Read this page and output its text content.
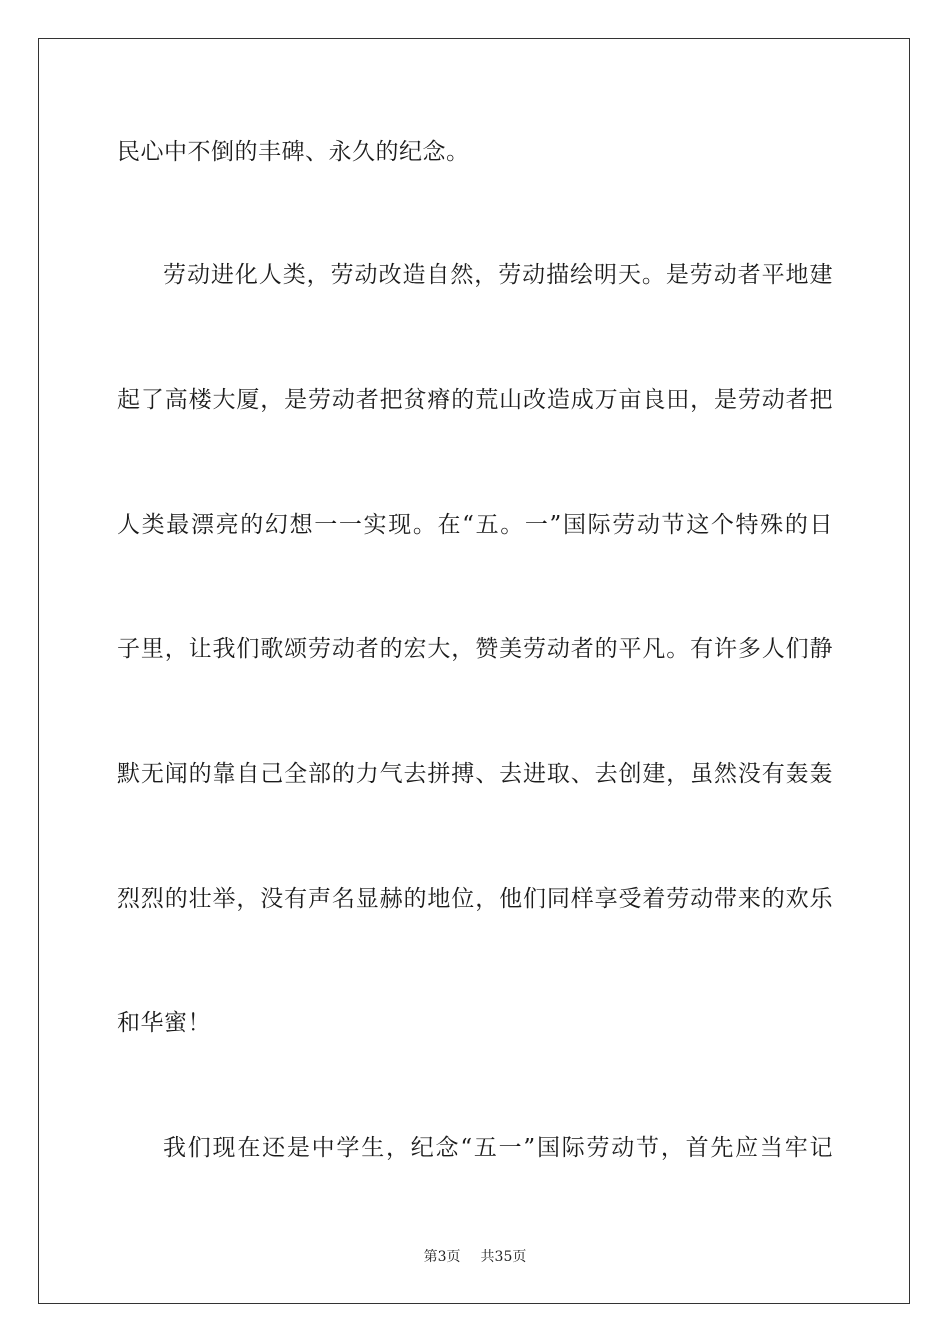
民心中不倒的丰碑、永久的纪念。
劳动进化人类，劳动改造自然，劳动描绘明天。是劳动者平地建
起了高楼大厦，是劳动者把贫瘠的荒山改造成万亩良田，是劳动者把
人类最漂亮的幻想一一实现。在“五。一”国际劳动节这个特殊的日
子里，让我们歌颂劳动者的宏大，赞美劳动者的平凡。有许多人们静
默无闻的靠自己全部的力气去拼搏、去进取、去创建，虽然没有轰轰
烈烈的壮举，没有声名显赫的地位，他们同样享受着劳动带来的欢乐
和华蜜！
我们现在还是中学生，纪念“五一”国际劳动节，首先应当牢记
第3页 共35页
